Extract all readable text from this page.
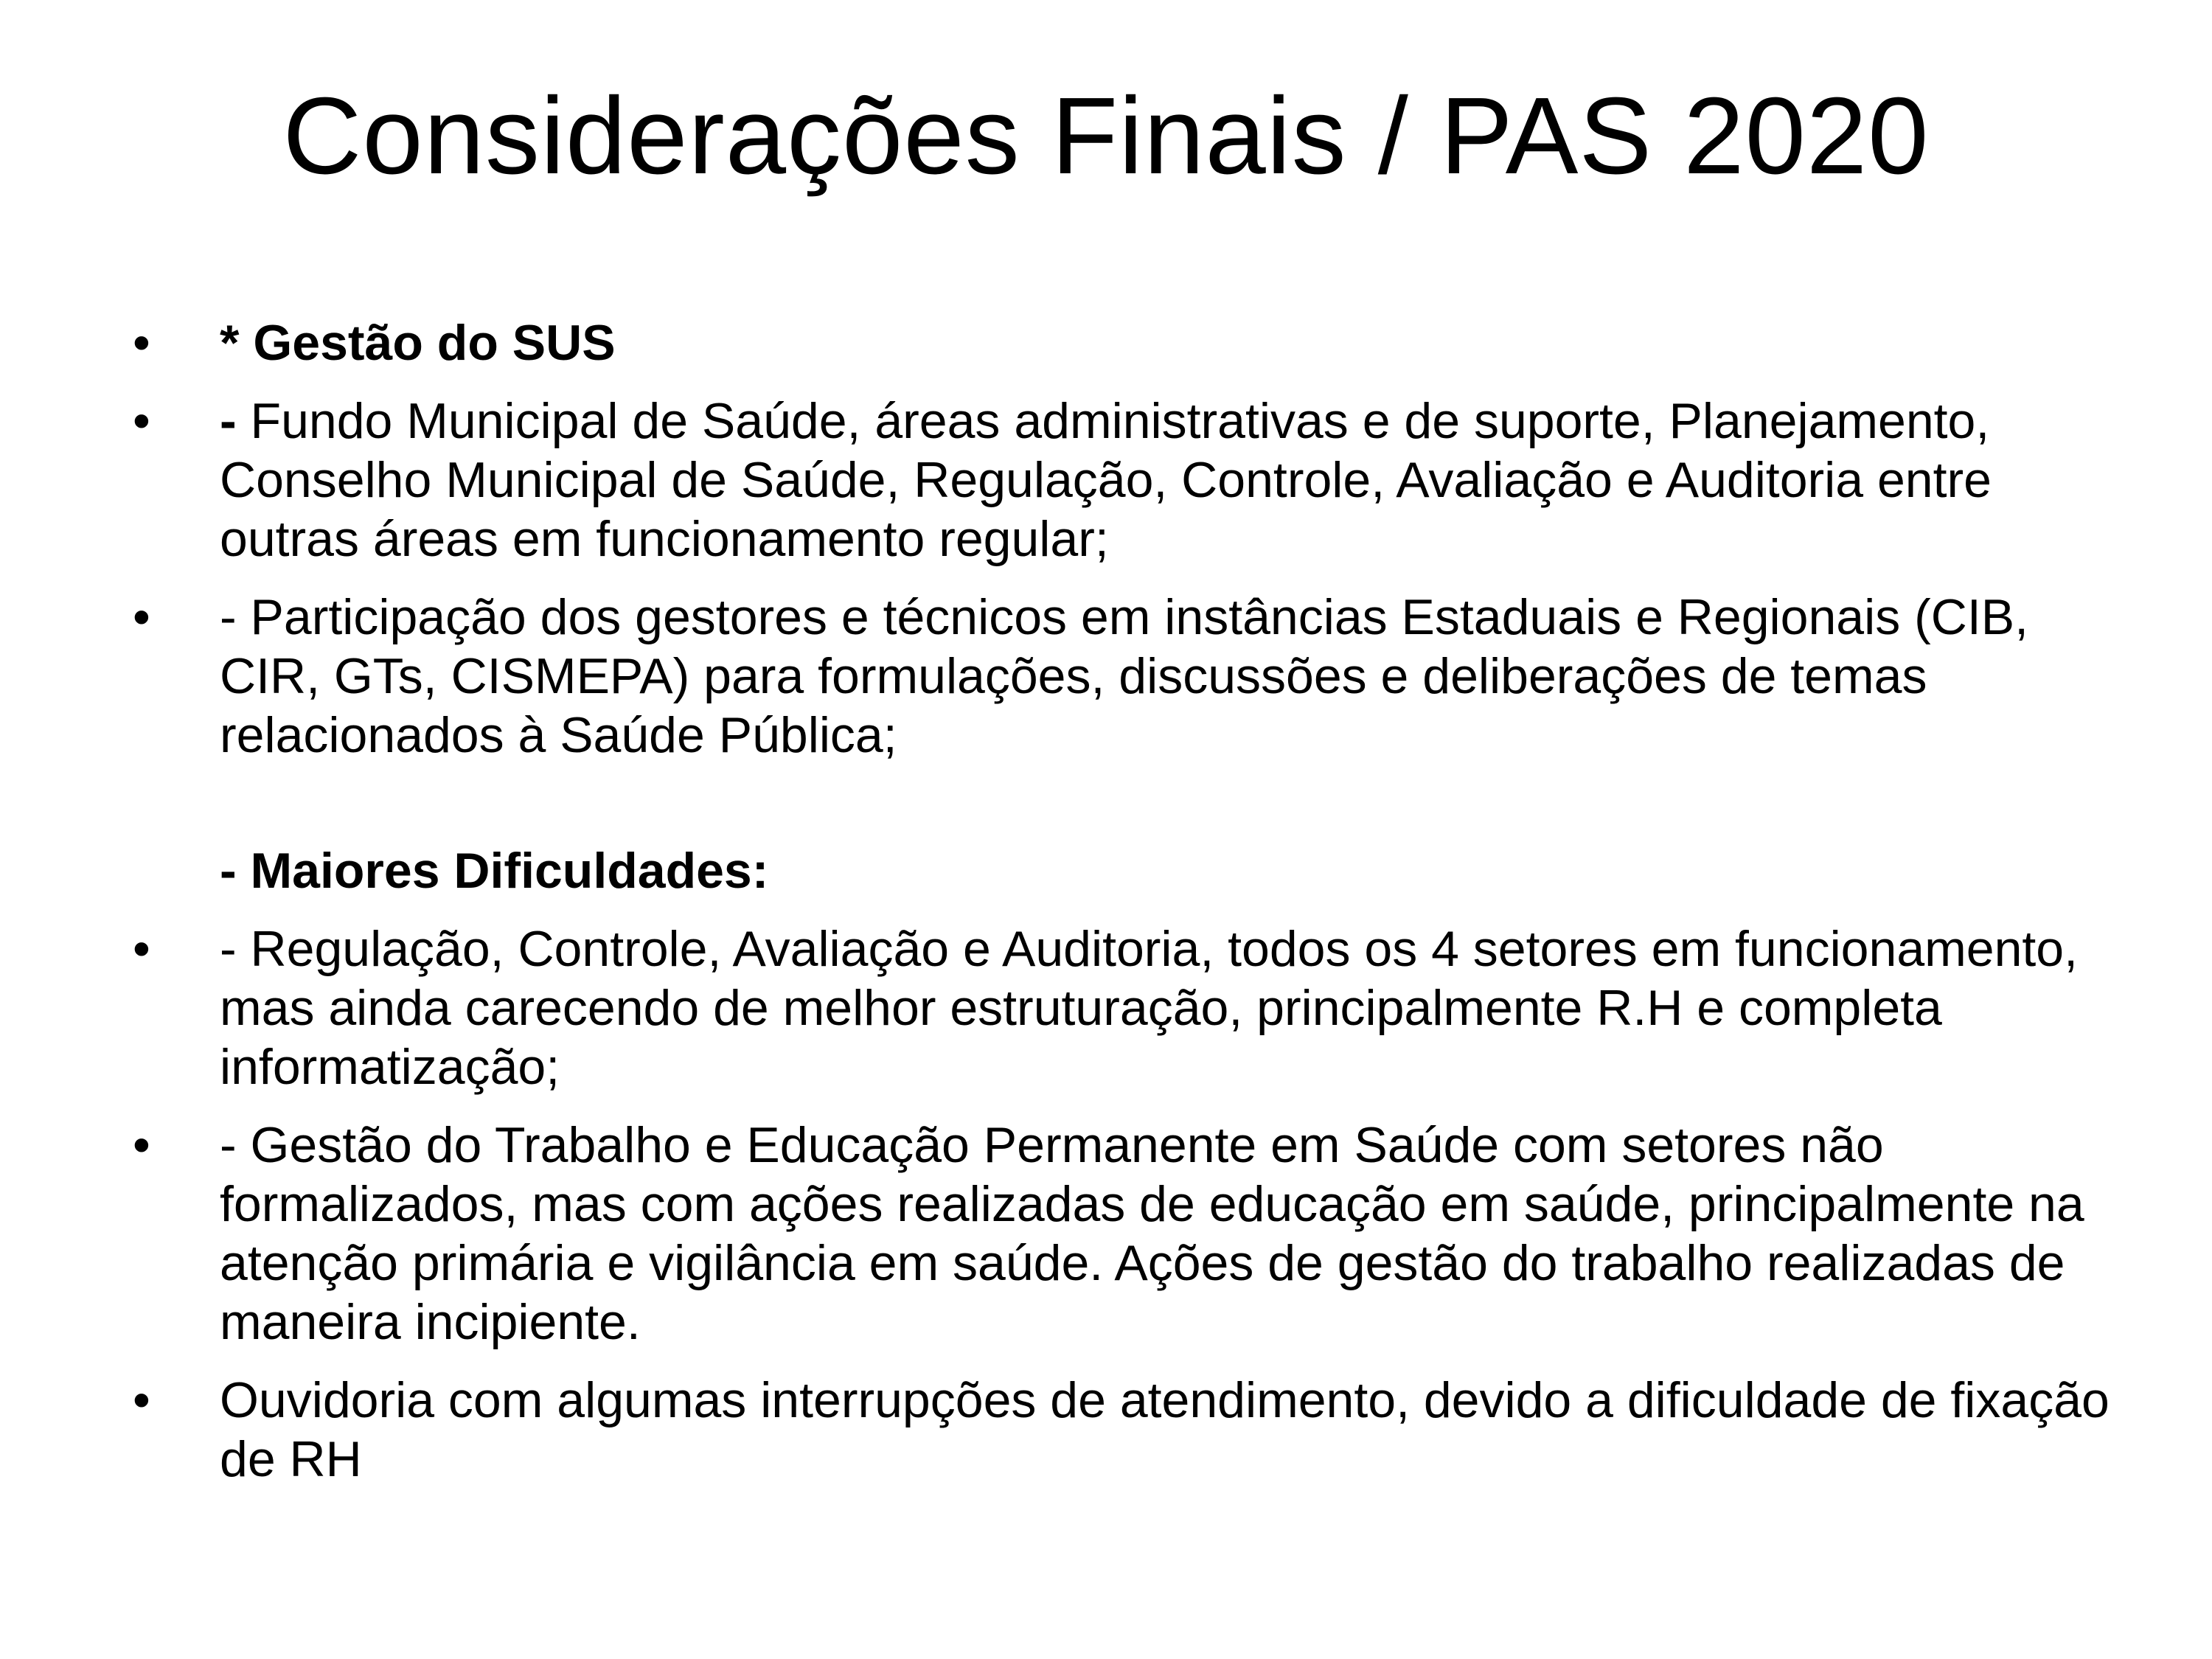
Considerações Finais / PAS 2020
• * Gestão do SUS
• - Fundo Municipal de Saúde, áreas administrativas e de suporte, Planejamento, Conselho Municipal de Saúde, Regulação, Controle, Avaliação e Auditoria entre outras áreas em funcionamento regular;
• - Participação dos gestores e técnicos em instâncias Estaduais e Regionais (CIB, CIR, GTs, CISMEPA) para formulações, discussões e deliberações de temas relacionados à Saúde Pública;
- Maiores Dificuldades:
• - Regulação, Controle, Avaliação e Auditoria, todos os 4 setores em funcionamento, mas ainda carecendo de melhor estruturação, principalmente R.H e completa informatização;
• - Gestão do Trabalho e Educação Permanente em Saúde com setores não formalizados, mas com ações realizadas de educação em saúde, principalmente na atenção primária e vigilância em saúde. Ações de gestão do trabalho realizadas de maneira incipiente.
• Ouvidoria com algumas interrupções de atendimento, devido a dificuldade de fixação de RH
